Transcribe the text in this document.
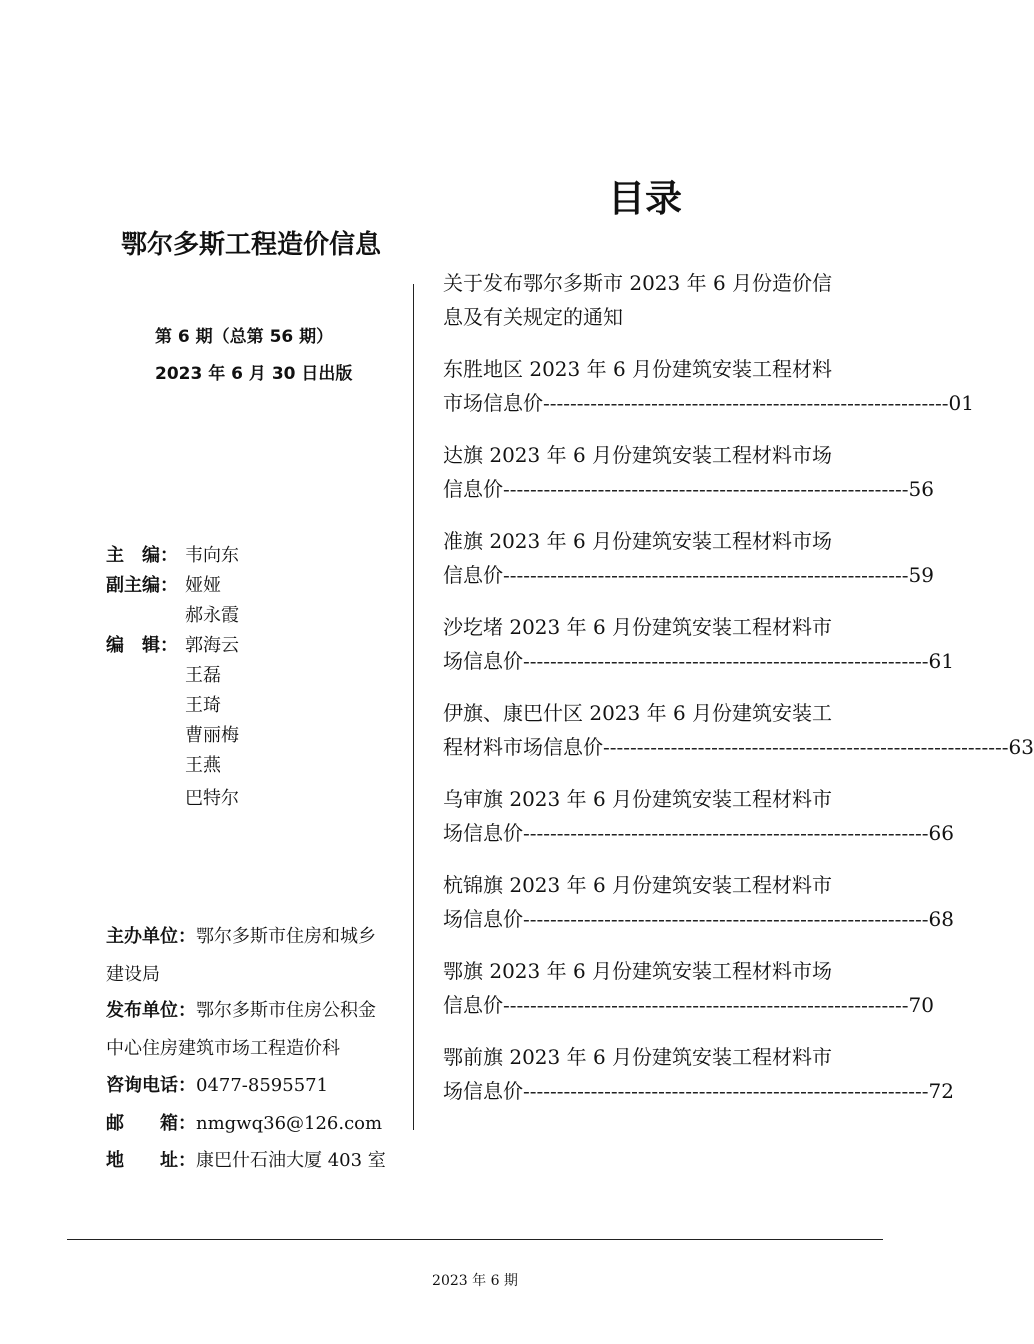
目录
鄂尔多斯工程造价信息
第 6 期（总第 56 期）
2023 年 6 月 30 日出版
主　编： 韦向东
副主编： 娅娅
郝永霞
编　辑： 郭海云
王磊
王琦
曹丽梅
王燕
巴特尔
主办单位：鄂尔多斯市住房和城乡
建设局
发布单位：鄂尔多斯市住房公积金
中心住房建筑市场工程造价科
咨询电话：0477-8595571
邮　　箱：nmgwq36@126.com
地　　址：康巴什石油大厦 403 室
关于发布鄂尔多斯市 2023 年 6 月份造价信
息及有关规定的通知
东胜地区 2023 年 6 月份建筑安装工程材料
市场信息价 ------------------------------------------------------------ 01
达旗 2023 年 6 月份建筑安装工程材料市场
信息价 ------------------------------------------------------------ 56
准旗 2023 年 6 月份建筑安装工程材料市场
信息价 ------------------------------------------------------------ 59
沙圪堵 2023 年 6 月份建筑安装工程材料市
场信息价 ------------------------------------------------------------ 61
伊旗、康巴什区 2023 年 6 月份建筑安装工
程材料市场信息价 ------------------------------------------------------------ 63
乌审旗 2023 年 6 月份建筑安装工程材料市
场信息价 ------------------------------------------------------------ 66
杭锦旗 2023 年 6 月份建筑安装工程材料市
场信息价 ------------------------------------------------------------ 68
鄂旗 2023 年 6 月份建筑安装工程材料市场
信息价 ------------------------------------------------------------ 70
鄂前旗 2023 年 6 月份建筑安装工程材料市
场信息价 ------------------------------------------------------------ 72
2023 年 6 期
